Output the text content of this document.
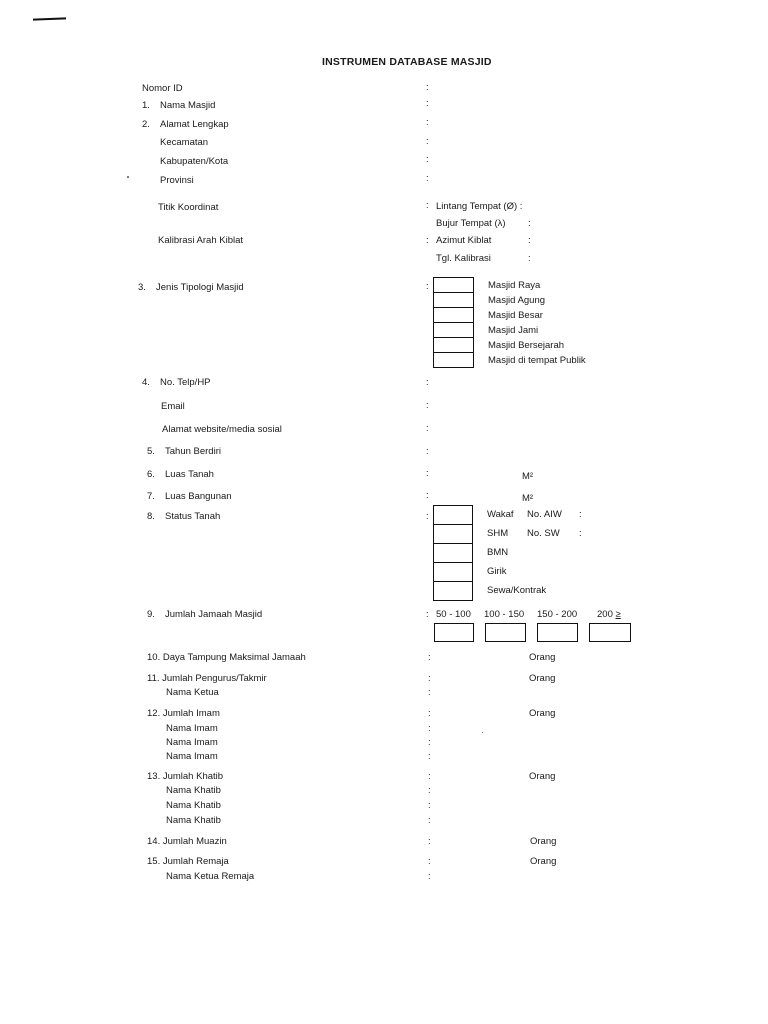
INSTRUMEN DATABASE MASJID
Nomor ID	:
1. Nama Masjid	:
2. Alamat Lengkap	:
Kecamatan	:
Kabupaten/Kota	:
Provinsi	:
Titik Koordinat	: Lintang Tempat (Ø) :
Bujur Tempat (λ) :
Kalibrasi Arah Kiblat	: Azimut Kiblat	:
Tgl. Kalibrasi	:
3. Jenis Tipologi Masjid	:	Masjid Raya
Masjid Agung
Masjid Besar
Masjid Jami
Masjid Bersejarah
Masjid di tempat Publik
4. No. Telp/HP	:
Email	:
Alamat website/media sosial	:
5. Tahun Berdiri	:
6. Luas Tanah	:	M²
7. Luas Bangunan	:	M²
8. Status Tanah	:	Wakaf No. AIW :
SHM No. SW :
BMN
Girik
Sewa/Kontrak
9. Jumlah Jamaah Masjid	: 50 - 100 100 - 150 150 - 200 200 ≥
10. Daya Tampung Maksimal Jamaah	:	Orang
11. Jumlah Pengurus/Takmir	:	Orang
Nama Ketua	:
12. Jumlah Imam	:	Orang
Nama Imam	:
Nama Imam	:
Nama Imam	:
13. Jumlah Khatib	:	Orang
Nama Khatib	:
Nama Khatib	:
Nama Khatib	:
14. Jumlah Muazin	:	Orang
15. Jumlah Remaja	:	Orang
Nama Ketua Remaja	:
